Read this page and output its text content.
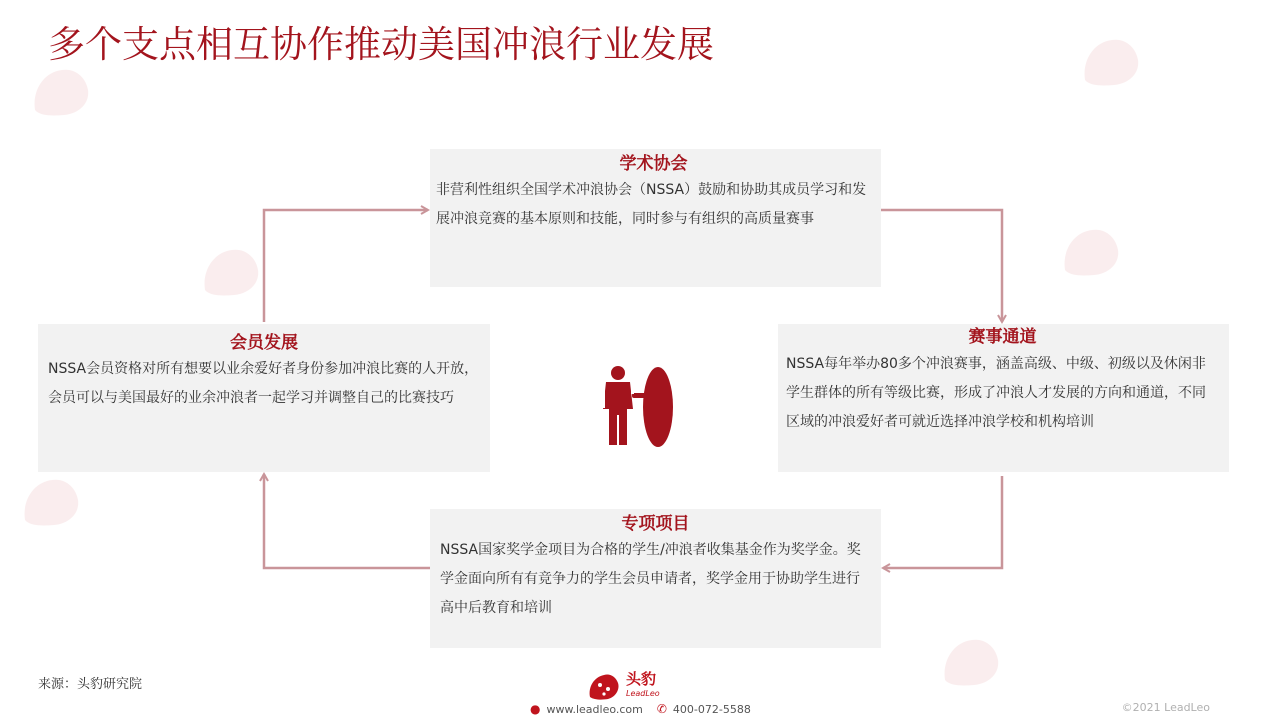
多个支点相互协作推动美国冲浪行业发展
学术协会

非营利性组织全国学术冲浪协会（NSSA）鼓励和协助其成员学习和发展冲浪竞赛的基本原则和技能，同时参与有组织的高质量赛事

赛事通道

NSSA每年举办80多个冲浪赛事，涵盖高级、中级、初级以及休闲非学生群体的所有等级比赛，形成了冲浪人才发展的方向和通道，不同区域的冲浪爱好者可就近选择冲浪学校和机构培训

会员发展

NSSA会员资格对所有想要以业余爱好者身份参加冲浪比赛的人开放，会员可以与美国最好的业余冲浪者一起学习并调整自己的比赛技巧

专项项目

NSSA国家奖学金项目为合格的学生/冲浪者收集基金作为奖学金。奖学金面向所有有竞争力的学生会员申请者，奖学金用于协助学生进行高中后教育和培训

来源：头豹研究院	头豹
LeadLeo
● www.leadleo.com ✆ 400-072-5588	©2021 LeadLeo
